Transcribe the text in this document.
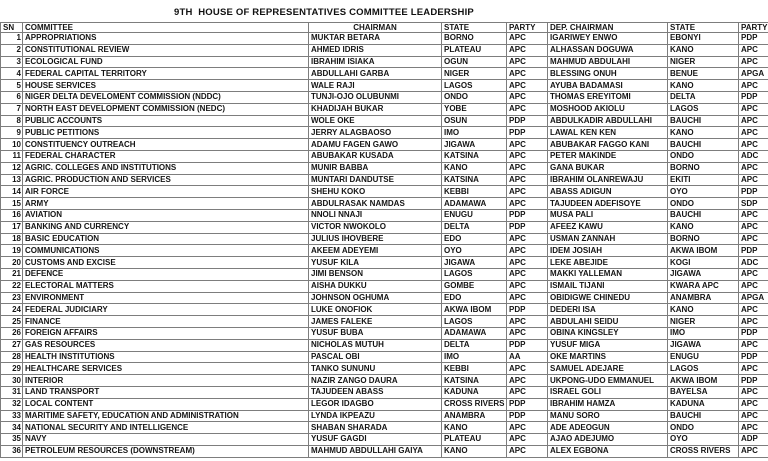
9TH  HOUSE OF REPRESENTATIVES COMMITTEE LEADERSHIP
SN	COMMITTEE	CHAIRMAN	STATE	PARTY	DEP. CHAIRMAN	STATE	PARTY
1	APPROPRIATIONS	MUKTAR BETARA	BORNO	APC	IGARIWEY ENWO	EBONYI	PDP
2	CONSTITUTIONAL REVIEW	AHMED IDRIS	PLATEAU	APC	ALHASSAN DOGUWA	KANO	APC
3	ECOLOGICAL FUND	IBRAHIM ISIAKA	OGUN	APC	MAHMUD ABDULAHI	NIGER	APC
4	FEDERAL CAPITAL TERRITORY	ABDULLAHI GARBA	NIGER	APC	BLESSING ONUH	BENUE	APGA
5	HOUSE SERVICES	WALE RAJI	LAGOS	APC	AYUBA BADAMASI	KANO	APC
6	NIGER DELTA DEVELOMENT COMMISSION (NDDC)	TUNJI-OJO OLUBUNMI	ONDO	APC	THOMAS EREYITOMI	DELTA	PDP
7	NORTH EAST DEVELOPMENT COMMISSION (NEDC)	KHADIJAH BUKAR	YOBE	APC	MOSHOOD AKIOLU	LAGOS	APC
8	PUBLIC ACCOUNTS	WOLE OKE	OSUN	PDP	ABDULKADIR ABDULLAHI	BAUCHI	APC
9	PUBLIC PETITIONS	JERRY ALAGBAOSO	IMO	PDP	LAWAL KEN KEN	KANO	APC
10	CONSTITUENCY OUTREACH	ADAMU FAGEN GAWO	JIGAWA	APC	ABUBAKAR FAGGO KANI	BAUCHI	APC
11	FEDERAL CHARACTER	ABUBAKAR KUSADA	KATSINA	APC	PETER MAKINDE	ONDO	ADC
12	AGRIC. COLLEGES AND INSTITUTIONS	MUNIR BABBA	KANO	APC	GANA BUKAR	BORNO	APC
13	AGRIC. PRODUCTION AND SERVICES	MUNTARI DANDUTSE	KATSINA	APC	IBRAHIM OLANREWAJU	EKITI	APC
14	AIR FORCE	SHEHU KOKO	KEBBI	APC	ABASS ADIGUN	OYO	PDP
15	ARMY	ABDULRASAK NAMDAS	ADAMAWA	APC	TAJUDEEN ADEFISOYE	ONDO	SDP
16	AVIATION	NNOLI NNAJI	ENUGU	PDP	MUSA PALI	BAUCHI	APC
17	BANKING AND CURRENCY	VICTOR NWOKOLO	DELTA	PDP	AFEEZ KAWU	KANO	APC
18	BASIC EDUCATION	JULIUS IHOVBERE	EDO	APC	USMAN ZANNAH	BORNO	APC
19	COMMUNICATIONS	AKEEM ADEYEMI	OYO	APC	IDEM JOSIAH	AKWA IBOM	PDP
20	CUSTOMS AND EXCISE	YUSUF KILA	JIGAWA	APC	LEKE ABEJIDE	KOGI	ADC
21	DEFENCE	JIMI BENSON	LAGOS	APC	MAKKI YALLEMAN	JIGAWA	APC
22	ELECTORAL MATTERS	AISHA DUKKU	GOMBE	APC	ISMAIL TIJANI	KWARA APC	APC
23	ENVIRONMENT	JOHNSON OGHUMA	EDO	APC	OBIDIGWE CHINEDU	ANAMBRA	APGA
24	FEDERAL JUDICIARY	LUKE ONOFIOK	AKWA IBOM	PDP	DEDERI ISA	KANO	APC
25	FINANCE	JAMES FALEKE	LAGOS	APC	ABDULAHI SEIDU	NIGER	APC
26	FOREIGN AFFAIRS	YUSUF BUBA	ADAMAWA	APC	OBINA KINGSLEY	IMO	PDP
27	GAS RESOURCES	NICHOLAS MUTUH	DELTA	PDP	YUSUF MIGA	JIGAWA	APC
28	HEALTH INSTITUTIONS	PASCAL OBI	IMO	AA	OKE MARTINS	ENUGU	PDP
29	HEALTHCARE SERVICES	TANKO SUNUNU	KEBBI	APC	SAMUEL ADEJARE	LAGOS	APC
30	INTERIOR	NAZIR ZANGO DAURA	KATSINA	APC	UKPONG-UDO EMMANUEL	AKWA IBOM	PDP
31	LAND TRANSPORT	TAJUDEEN ABASS	KADUNA	APC	ISRAEL GOLI	BAYELSA	APC
32	LOCAL CONTENT	LEGOR IDAGBO	CROSS RIVERS	PDP	IBRAHIM HAMZA	KADUNA	APC
33	MARITIME SAFETY, EDUCATION AND ADMINISTRATION	LYNDA IKPEAZU	ANAMBRA	PDP	MANU SORO	BAUCHI	APC
34	NATIONAL SECURITY AND INTELLIGENCE	SHABAN SHARADA	KANO	APC	ADE ADEOGUN	ONDO	APC
35	NAVY	YUSUF GAGDI	PLATEAU	APC	AJAO ADEJUMO	OYO	ADP
36	PETROLEUM RESOURCES (DOWNSTREAM)	MAHMUD ABDULLAHI GAIYA	KANO	APC	ALEX EGBONA	CROSS RIVERS	APC
